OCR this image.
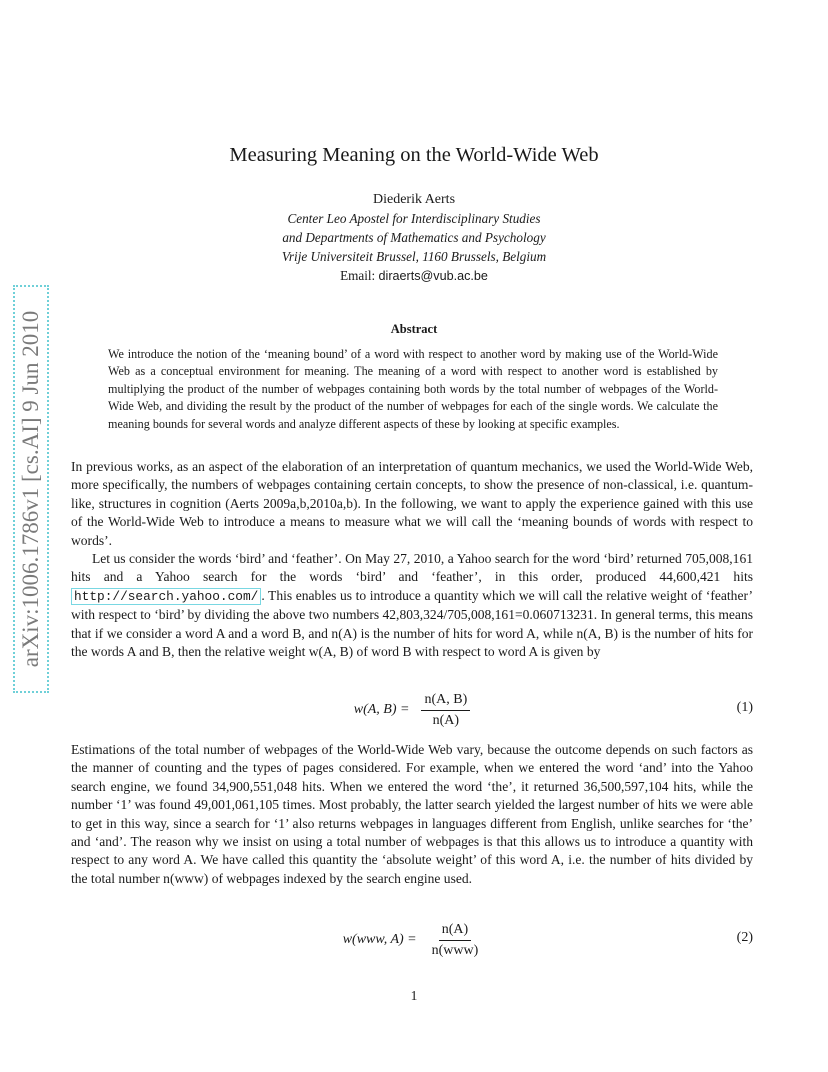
arXiv:1006.1786v1 [cs.AI] 9 Jun 2010
Measuring Meaning on the World-Wide Web
Diederik Aerts
Center Leo Apostel for Interdisciplinary Studies
and Departments of Mathematics and Psychology
Vrije Universiteit Brussel, 1160 Brussels, Belgium
Email: diraerts@vub.ac.be
Abstract
We introduce the notion of the ‘meaning bound’ of a word with respect to another word by making use of the World-Wide Web as a conceptual environment for meaning. The meaning of a word with respect to another word is established by multiplying the product of the number of webpages containing both words by the total number of webpages of the World-Wide Web, and dividing the result by the product of the number of webpages for each of the single words. We calculate the meaning bounds for several words and analyze different aspects of these by looking at specific examples.

In previous works, as an aspect of the elaboration of an interpretation of quantum mechanics, we used the World-Wide Web, more specifically, the numbers of webpages containing certain concepts, to show the presence of non-classical, i.e. quantum-like, structures in cognition (Aerts 2009a,b,2010a,b). In the following, we want to apply the experience gained with this use of the World-Wide Web to introduce a means to measure what we will call the ‘meaning bounds of words with respect to words’.

Let us consider the words ‘bird’ and ‘feather’. On May 27, 2010, a Yahoo search for the word ‘bird’ returned 705,008,161 hits and a Yahoo search for the words ‘bird’ and ‘feather’, in this order, produced 44,600,421 hits http://search.yahoo.com/ . This enables us to introduce a quantity which we will call the relative weight of ‘feather’ with respect to ‘bird’ by dividing the above two numbers 42,803,324/705,008,161=0.060713231. In general terms, this means that if we consider a word A and a word B, and n(A) is the number of hits for word A, while n(A, B) is the number of hits for the words A and B, then the relative weight w(A, B) of word B with respect to word A is given by

w(A, $B) = \frac{n(A, B)}{n(A)}$	(1)

Estimations of the total number of webpages of the World-Wide Web vary, because the outcome depends on such factors as the manner of counting and the types of pages considered. For example, when we entered the word ‘and’ into the Yahoo search engine, we found 34,900,551,048 hits. When we entered the word ‘the’, it returned 36,500,597,104 hits, while the number ‘1’ was found 49,001,061,105 times. Most probably, the latter search yielded the largest number of hits we were able to get in this way, since a search for ‘1’ also returns webpages in languages different from English, unlike searches for ‘the’ and ‘and’. The reason why we insist on using a total number of webpages is that this allows us to introduce a quantity with respect to any word A. We have called this quantity the ‘absolute weight’ of this word A, i.e. the number of hits divided by the total number n(www) of webpages indexed by the search engine used.

w(www, $A) = \frac{n(A)}{\text{n(www)}}$	(2)
1
